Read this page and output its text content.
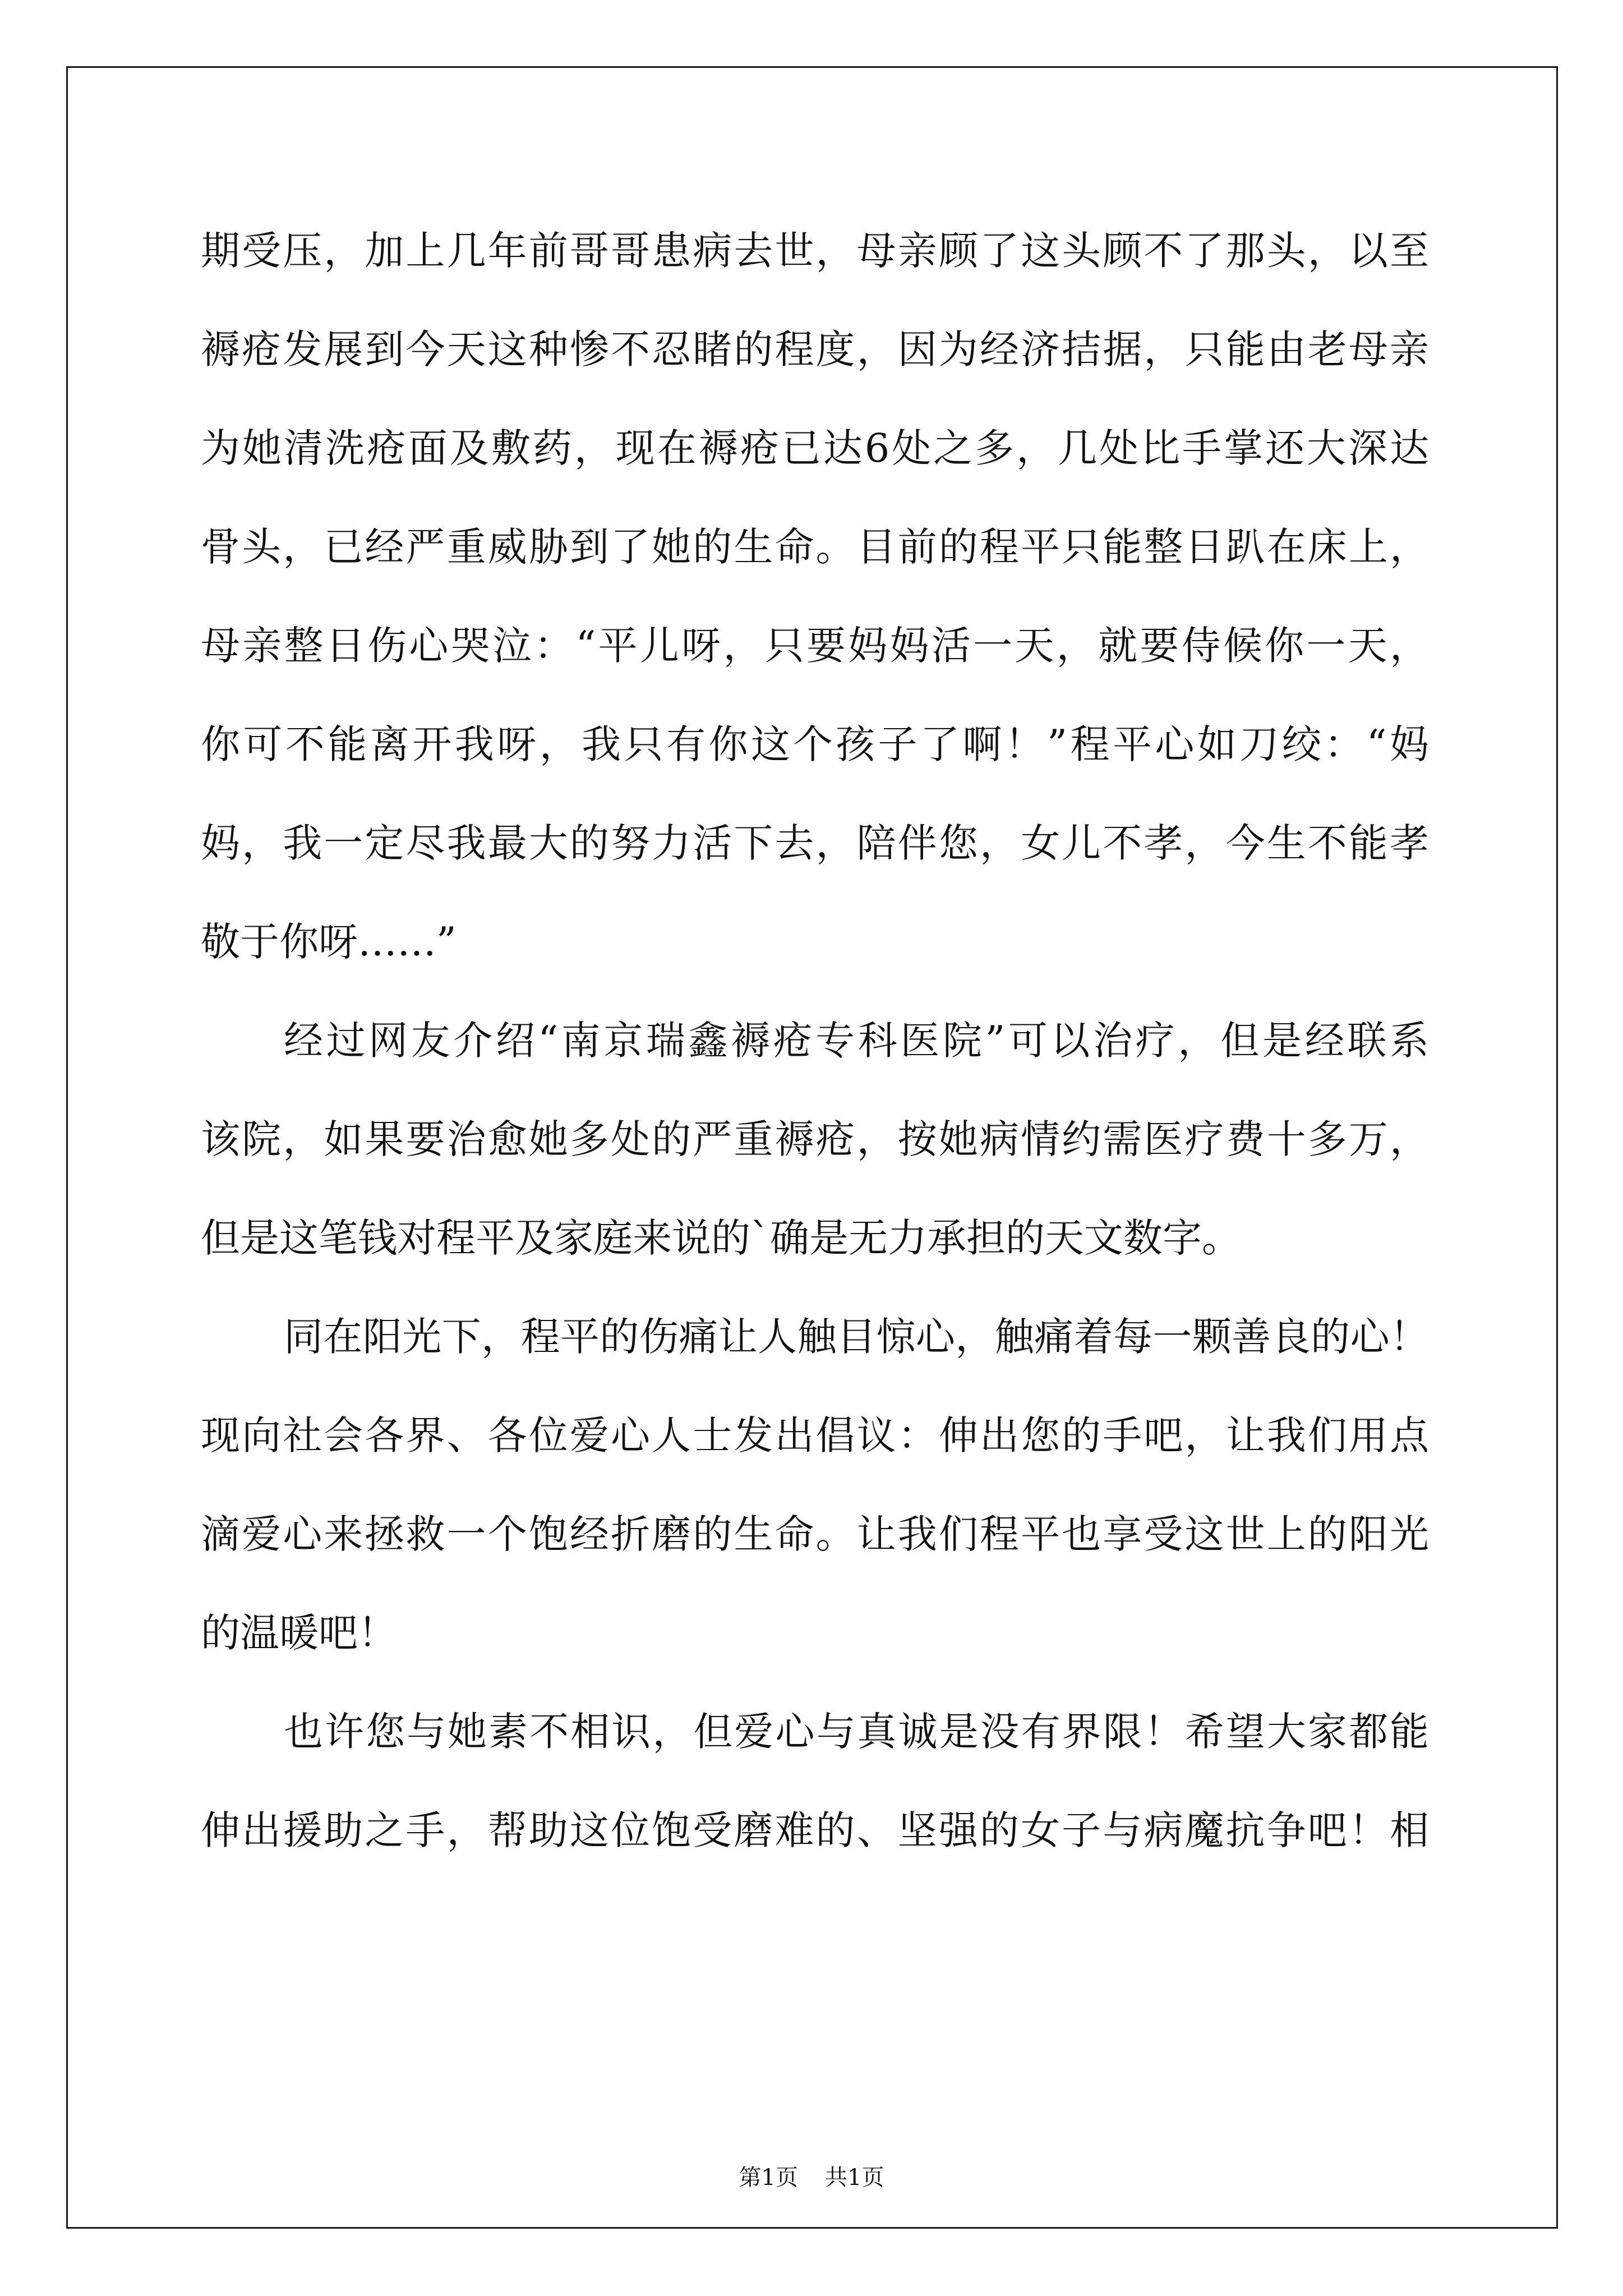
期受压，加上几年前哥哥患病去世，母亲顾了这头顾不了那头，以至
褥疮发展到今天这种惨不忍睹的程度，因为经济拮据，只能由老母亲
为她清洗疮面及敷药，现在褥疮已达6处之多，几处比手掌还大深达
骨头，已经严重威胁到了她的生命。目前的程平只能整日趴在床上，
母亲整日伤心哭泣：“平儿呀，只要妈妈活一天，就要侍候你一天，
你可不能离开我呀，我只有你这个孩子了啊！”程平心如刀绞：“妈
妈，我一定尽我最大的努力活下去，陪伴您，女儿不孝，今生不能孝
敬于你呀……”
经过网友介绍“南京瑞鑫褥疮专科医院”可以治疗，但是经联系
该院，如果要治愈她多处的严重褥疮，按她病情约需医疗费十多万，
但是这笔钱对程平及家庭来说的`确是无力承担的天文数字。
同在阳光下，程平的伤痛让人触目惊心，触痛着每一颗善良的心！
现向社会各界、各位爱心人士发出倡议：伸出您的手吧，让我们用点
滴爱心来拯救一个饱经折磨的生命。让我们程平也享受这世上的阳光
的温暖吧！
也许您与她素不相识，但爱心与真诚是没有界限！希望大家都能
伸出援助之手，帮助这位饱受磨难的、坚强的女子与病魔抗争吧！相
第1页 共1页
